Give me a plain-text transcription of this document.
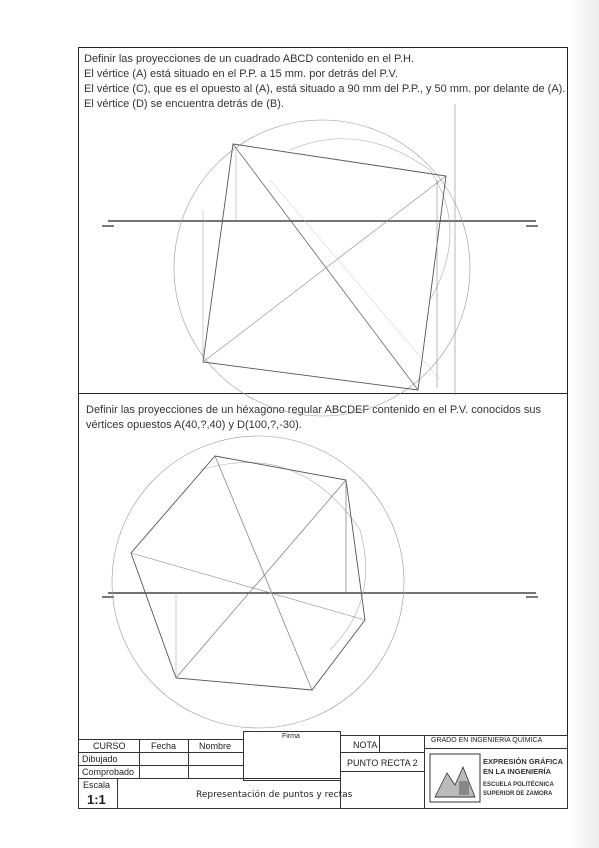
Definir las proyecciones de un cuadrado ABCD contenido en el P.H.
El vértice (A) está situado en el P.P. a 15 mm. por detrás del P.V.
El vértice (C), que es el opuesto al (A), está situado a 90 mm del P.P., y 50 mm. por delante de (A).
El vértice (D) se encuentra detrás de (B).
Definir las proyecciones de un héxagono regular ABCDEF contenido en el P.V. conocidos sus vértices opuestos A(40,?,40) y D(100,?,-30).
CURSO	Fecha	Nombre
Firma
Dibujado
Comprobado
Escala
1:1	Representación de puntos y rectas
NOTA
PUNTO RECTA 2
GRADO EN INGENIERÍA QUÍMICA
EXPRESIÓN GRÁFICA
EN LA INGENIERÍA
ESCUELA POLITÉCNICA
SUPERIOR DE ZAMORA
